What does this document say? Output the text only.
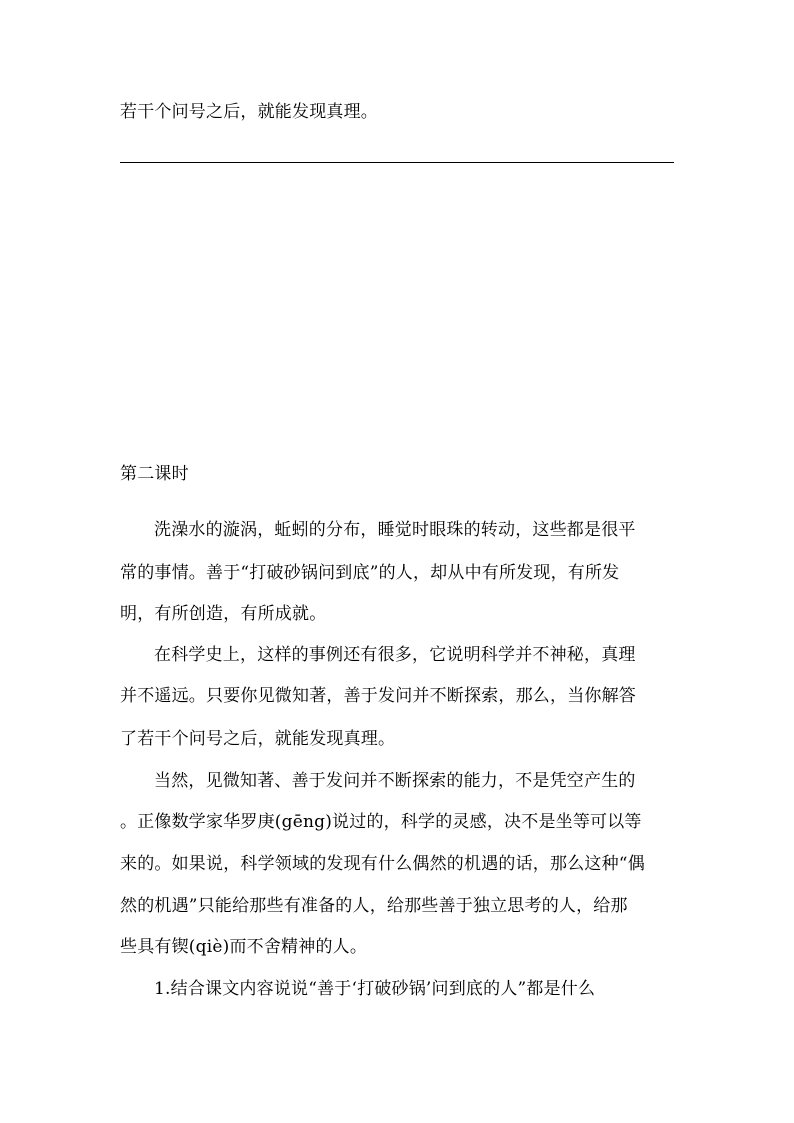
若干个问号之后，就能发现真理。
第二课时
洗澡水的漩涡，蚯蚓的分布，睡觉时眼珠的转动，这些都是很平
常的事情。善于“打破砂锅问到底”的人，却从中有所发现，有所发
明，有所创造，有所成就。
在科学史上，这样的事例还有很多，它说明科学并不神秘，真理
并不遥远。只要你见微知著，善于发问并不断探索，那么，当你解答
了若干个问号之后，就能发现真理。
当然，见微知著、善于发问并不断探索的能力，不是凭空产生的
。正像数学家华罗庚(gēng)说过的，科学的灵感，决不是坐等可以等
来的。如果说，科学领域的发现有什么偶然的机遇的话，那么这种“偶
然的机遇”只能给那些有准备的人，给那些善于独立思考的人，给那
些具有锲(qiè)而不舍精神的人。
1.结合课文内容说说“善于‘打破砂锅’问到底的人”都是什么
